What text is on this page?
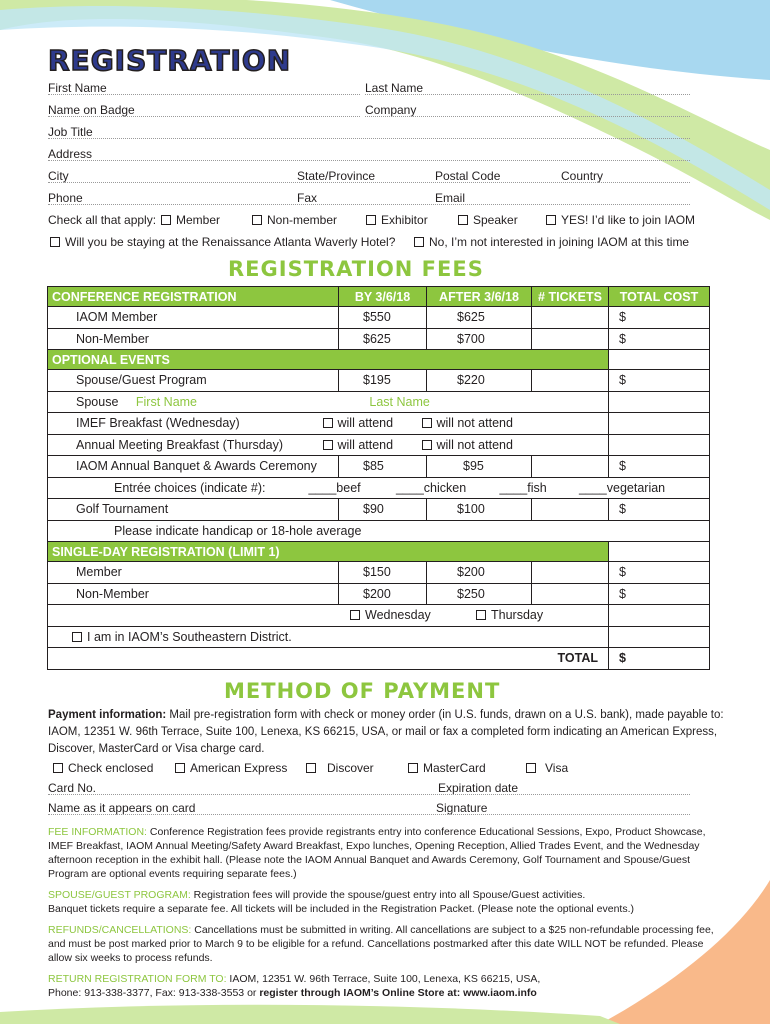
REGISTRATION
First Name	Last Name
Name on Badge	Company
Job Title
Address
City	State/Province	Postal Code	Country
Phone	Fax	Email
Check all that apply:	Member	Non-member	Exhibitor	Speaker	YES! I’d like to join IAOM
Will you be staying at the Renaissance Atlanta Waverly Hotel?	No, I’m not interested in joining IAOM at this time
REGISTRATION FEES
CONFERENCE REGISTRATION	BY 3/6/18	AFTER 3/6/18	# TICKETS	TOTAL COST
IAOM Member	$550	$625		$
Non-Member	$625	$700		$
OPTIONAL EVENTS				
Spouse/Guest Program	$195	$220		$
Spouse First Name Last Name				
IMEF Breakfast (Wednesday)	will attend will not attend			
Annual Meeting Breakfast (Thursday)	will attend will not attend			
IAOM Annual Banquet & Awards Ceremony	$85	$95		$
Entrée choices (indicate #): ____beef ____chicken ____fish ____vegetarian				
Golf Tournament	$90	$100		$
Please indicate handicap or 18-hole average				
SINGLE-DAY REGISTRATION (LIMIT 1)				
Member	$150	$200		$
Non-Member	$200	$250		$
Wednesday Thursday				
I am in IAOM’s Southeastern District.				
TOTAL				$
METHOD OF PAYMENT
Payment information: Mail pre-registration form with check or money order (in U.S. funds, drawn on a U.S. bank), made payable to: IAOM, 12351 W. 96th Terrace, Suite 100, Lenexa, KS 66215, USA, or mail or fax a completed form indicating an American Express, Discover, MasterCard or Visa charge card.
Check enclosed	American Express	Discover	MasterCard	Visa
Card No.	Expiration date
Name as it appears on card	Signature
FEE INFORMATION: Conference Registration fees provide registrants entry into conference Educational Sessions, Expo, Product Showcase, IMEF Breakfast, IAOM Annual Meeting/Safety Award Breakfast, Expo lunches, Opening Reception, Allied Trades Event, and the Wednesday afternoon reception in the exhibit hall. (Please note the IAOM Annual Banquet and Awards Ceremony, Golf Tournament and Spouse/Guest Program are optional events requiring separate fees.)
SPOUSE/GUEST PROGRAM: Registration fees will provide the spouse/guest entry into all Spouse/Guest activities.
Banquet tickets require a separate fee. All tickets will be included in the Registration Packet. (Please note the optional events.)
REFUNDS/CANCELLATIONS: Cancellations must be submitted in writing. All cancellations are subject to a $25 non-refundable processing fee, and must be post marked prior to March 9 to be eligible for a refund. Cancellations postmarked after this date WILL NOT be refunded. Please allow six weeks to process refunds.
RETURN REGISTRATION FORM TO: IAOM, 12351 W. 96th Terrace, Suite 100, Lenexa, KS 66215, USA,
Phone: 913-338-3377, Fax: 913-338-3553 or register through IAOM’s Online Store at: www.iaom.info
